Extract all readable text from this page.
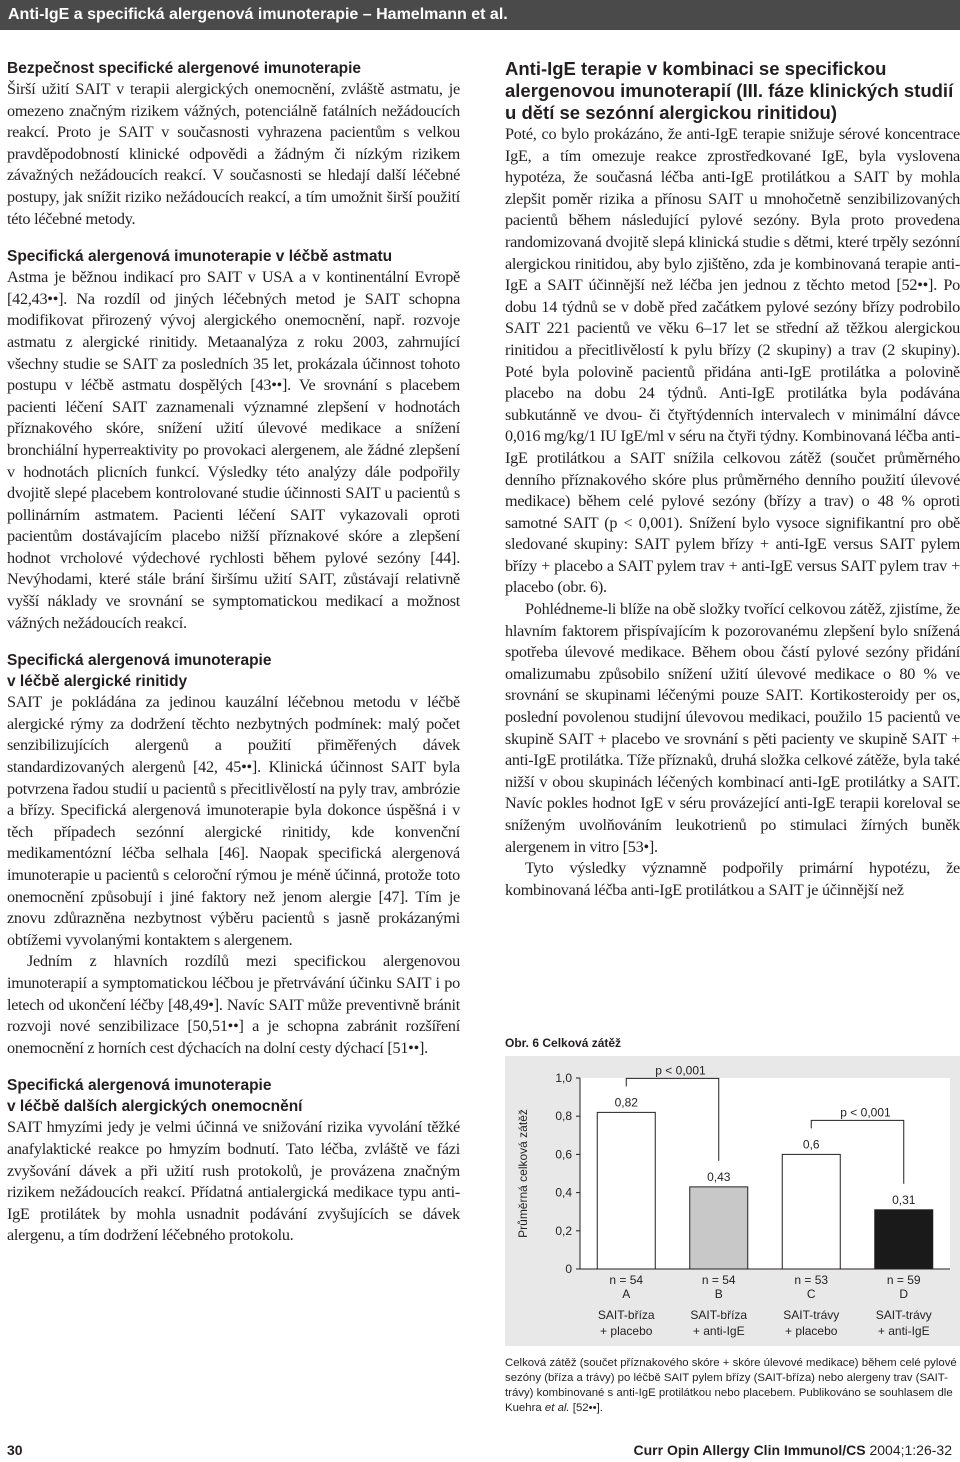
Anti-IgE a specifická alergenová imunoterapie – Hamelmann et al.
Bezpečnost specifické alergenové imunoterapie

Širší užití SAIT v terapii alergických onemocnění, zvláště astmatu, je omezeno značným rizikem vážných, potenciálně fatálních nežádoucích reakcí. Proto je SAIT v současnosti vyhrazena pacientům s velkou pravděpodobností klinické odpovědi a žádným či nízkým rizikem závažných nežádoucích reakcí. V současnosti se hledají další léčebné postupy, jak snížit riziko nežádoucích reakcí, a tím umožnit širší použití této léčebné metody.

Specifická alergenová imunoterapie v léčbě astmatu

Astma je běžnou indikací pro SAIT v USA a v kontinentální Evropě [42,43••]. Na rozdíl od jiných léčebných metod je SAIT schopna modifikovat přirozený vývoj alergického onemocnění, např. rozvoje astmatu z alergické rinitidy. Metaanalýza z roku 2003, zahrnující všechny studie se SAIT za posledních 35 let, prokázala účinnost tohoto postupu v léčbě astmatu dospělých [43••]. Ve srovnání s placebem pacienti léčení SAIT zaznamenali významné zlepšení v hodnotách příznakového skóre, snížení užití úlevové medikace a snížení bronchiální hyperreaktivity po provokaci alergenem, ale žádné zlepšení v hodnotách plicních funkcí. Výsledky této analýzy dále podpořily dvojitě slepé placebem kontrolované studie účinnosti SAIT u pacientů s pollinárním astmatem. Pacienti léčení SAIT vykazovali oproti pacientům dostávajícím placebo nižší příznakové skóre a zlepšení hodnot vrcholové výdechové rychlosti během pylové sezóny [44]. Nevýhodami, které stále brání širšímu užití SAIT, zůstávají relativně vyšší náklady ve srovnání se symptomatickou medikací a možnost vážných nežádoucích reakcí.

Specifická alergenová imunoterapie
v léčbě alergické rinitidy

SAIT je pokládána za jedinou kauzální léčebnou metodu v léčbě alergické rýmy za dodržení těchto nezbytných podmínek: malý počet senzibilizujících alergenů a použití přiměřených dávek standardizovaných alergenů [42, 45••]. Klinická účinnost SAIT byla potvrzena řadou studií u pacientů s přecitlivělostí na pyly trav, ambrózie a břízy. Specifická alergenová imunoterapie byla dokonce úspěšná i v těch případech sezónní alergické rinitidy, kde konvenční medikamentózní léčba selhala [46]. Naopak specifická alergenová imunoterapie u pacientů s celoroční rýmou je méně účinná, protože toto onemocnění způsobují i jiné faktory než jenom alergie [47]. Tím je znovu zdůrazněna nezbytnost výběru pacientů s jasně prokázanými obtížemi vyvolanými kontaktem s alergenem.

Jedním z hlavních rozdílů mezi specifickou alergenovou imunoterapií a symptomatickou léčbou je přetrvávání účinku SAIT i po letech od ukončení léčby [48,49•]. Navíc SAIT může preventivně bránit rozvoji nové senzibilizace [50,51••] a je schopna zabránit rozšíření onemocnění z horních cest dýchacích na dolní cesty dýchací [51••].

Specifická alergenová imunoterapie
v léčbě dalších alergických onemocnění

SAIT hmyzími jedy je velmi účinná ve snižování rizika vyvolání těžké anafylaktické reakce po hmyzím bodnutí. Tato léčba, zvláště ve fázi zvyšování dávek a při užití rush protokolů, je provázena značným rizikem nežádoucích reakcí. Přídatná antialergická medikace typu anti-IgE protilátek by mohla usnadnit podávání zvyšujících se dávek alergenu, a tím dodržení léčebného protokolu.

Anti-IgE terapie v kombinaci se specifickou alergenovou imunoterapií (III. fáze klinických studií u dětí se sezónní alergickou rinitidou)

Poté, co bylo prokázáno, že anti-IgE terapie snižuje sérové koncentrace IgE, a tím omezuje reakce zprostředkované IgE, byla vyslovena hypotéza, že současná léčba anti-IgE protilátkou a SAIT by mohla zlepšit poměr rizika a přínosu SAIT u mnohočetně senzibilizovaných pacientů během následující pylové sezóny. Byla proto provedena randomizovaná dvojitě slepá klinická studie s dětmi, které trpěly sezónní alergickou rinitidou, aby bylo zjištěno, zda je kombinovaná terapie anti-IgE a SAIT účinnější než léčba jen jednou z těchto metod [52••]. Po dobu 14 týdnů se v době před začátkem pylové sezóny břízy podrobilo SAIT 221 pacientů ve věku 6–17 let se střední až těžkou alergickou rinitidou a přecitlivělostí k pylu břízy (2 skupiny) a trav (2 skupiny). Poté byla polovině pacientů přidána anti-IgE protilátka a polovině placebo na dobu 24 týdnů. Anti-IgE protilátka byla podávána subkutánně ve dvou- či čtyřtýdenních intervalech v minimální dávce 0,016 mg/kg/1 IU IgE/ml v séru na čtyři týdny. Kombinovaná léčba anti-IgE protilátkou a SAIT snížila celkovou zátěž (součet průměrného denního příznakového skóre plus průměrného denního použití úlevové medikace) během celé pylové sezóny (břízy a trav) o 48 % oproti samotné SAIT (p < 0,001). Snížení bylo vysoce signifikantní pro obě sledované skupiny: SAIT pylem břízy + anti-IgE versus SAIT pylem břízy + placebo a SAIT pylem trav + anti-IgE versus SAIT pylem trav + placebo (obr. 6).

Pohlédneme-li blíže na obě složky tvořící celkovou zátěž, zjistíme, že hlavním faktorem přispívajícím k pozorovanému zlepšení bylo snížená spotřeba úlevové medikace. Během obou částí pylové sezóny přidání omalizumabu způsobilo snížení užití úlevové medikace o 80 % ve srovnání se skupinami léčenými pouze SAIT. Kortikosteroidy per os, poslední povolenou studijní úlevovou medikaci, použilo 15 pacientů ve skupině SAIT + placebo ve srovnání s pěti pacienty ve skupině SAIT + anti-IgE protilátka. Tíže příznaků, druhá složka celkové zátěže, byla také nižší v obou skupinách léčených kombinací anti-IgE protilátky a SAIT. Navíc pokles hodnot IgE v séru provázející anti-IgE terapii koreloval se sníženým uvolňováním leukotrienů po stimulaci žírných buněk alergenem in vitro [53•].

Tyto výsledky významně podpořily primární hypotézu, že kombinovaná léčba anti-IgE protilátkou a SAIT je účinnější než

Obr. 6 Celková zátěž
0
0,2
0,4
0,6
0,8
1,0
Průměrná celková zátěž
0,82
n = 54
A
SAIT-bříza
+ placebo
0,43
n = 54
B
SAIT-bříza
+ anti-IgE
0,6
n = 53
C
SAIT-trávy
+ placebo
0,31
n = 59
D
SAIT-trávy
+ anti-IgE
p < 0,001
p < 0,001
Celková zátěž (součet příznakového skóre + skóre úlevové medikace) během celé pylové sezóny (bříza a trávy) po léčbě SAIT pylem břízy (SAIT-bříza) nebo alergeny trav (SAIT-trávy) kombinované s anti-IgE protilátkou nebo placebem. Publikováno se souhlasem dle Kuehra et al. [52••].
30	Curr Opin Allergy Clin Immunol/CS 2004;1:26-32
